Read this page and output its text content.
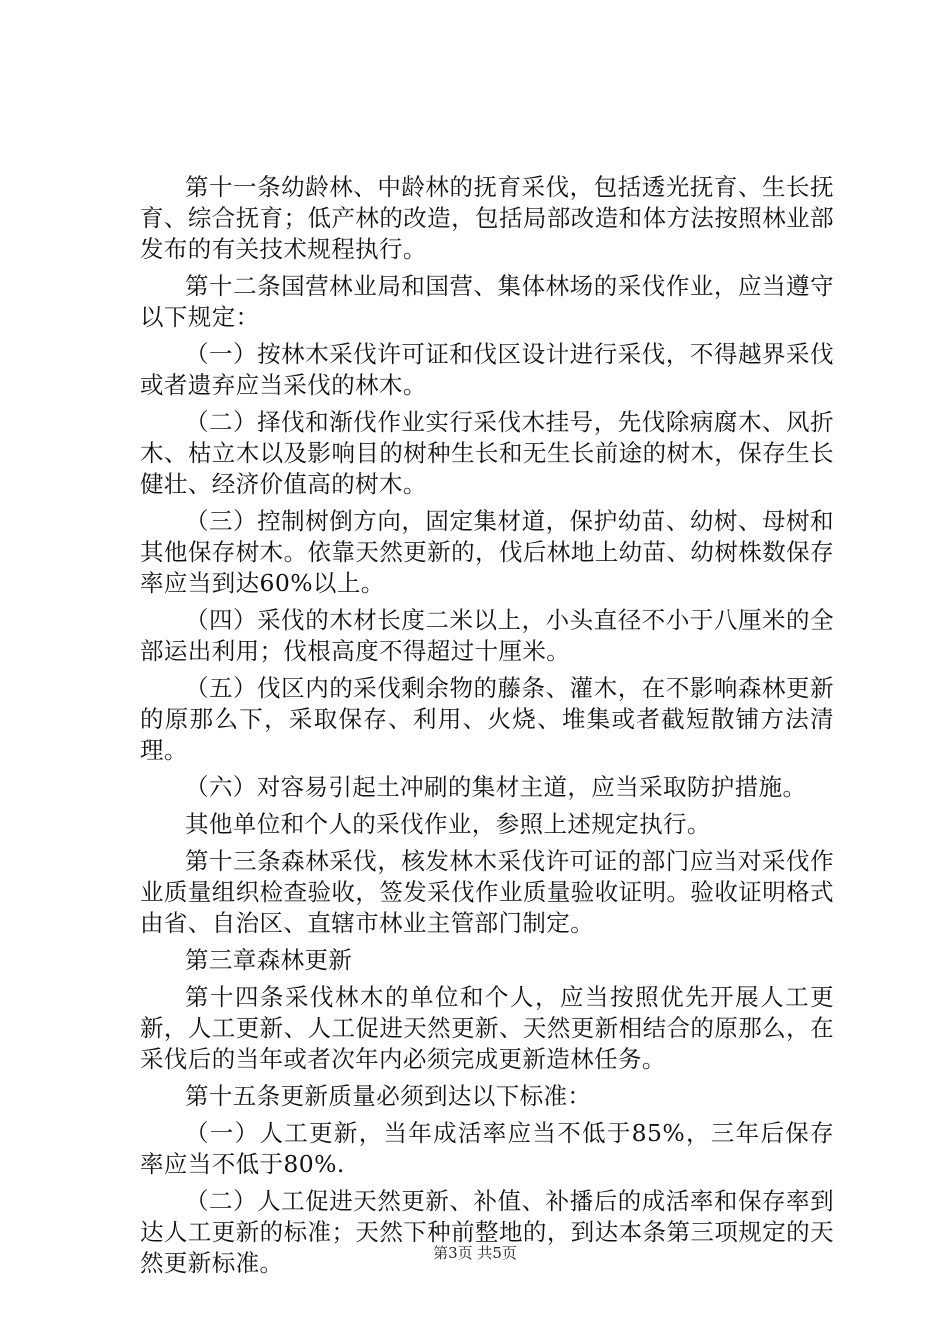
第十一条幼龄林、中龄林的抚育采伐，包括透光抚育、生长抚育、综合抚育；低产林的改造，包括局部改造和体方法按照林业部发布的有关技术规程执行。

第十二条国营林业局和国营、集体林场的采伐作业，应当遵守以下规定：

（一）按林木采伐许可证和伐区设计进行采伐，不得越界采伐或者遗弃应当采伐的林木。

（二）择伐和渐伐作业实行采伐木挂号，先伐除病腐木、风折木、枯立木以及影响目的树种生长和无生长前途的树木，保存生长健壮、经济价值高的树木。

（三）控制树倒方向，固定集材道，保护幼苗、幼树、母树和其他保存树木。依靠天然更新的，伐后林地上幼苗、幼树株数保存率应当到达60%以上。

（四）采伐的木材长度二米以上，小头直径不小于八厘米的全部运出利用；伐根高度不得超过十厘米。

（五）伐区内的采伐剩余物的藤条、灌木，在不影响森林更新的原那么下，采取保存、利用、火烧、堆集或者截短散铺方法清理。

（六）对容易引起土冲刷的集材主道，应当采取防护措施。

其他单位和个人的采伐作业，参照上述规定执行。

第十三条森林采伐，核发林木采伐许可证的部门应当对采伐作业质量组织检查验收，签发采伐作业质量验收证明。验收证明格式由省、自治区、直辖市林业主管部门制定。

第三章森林更新

第十四条采伐林木的单位和个人，应当按照优先开展人工更新，人工更新、人工促进天然更新、天然更新相结合的原那么，在采伐后的当年或者次年内必须完成更新造林任务。

第十五条更新质量必须到达以下标准：

（一）人工更新，当年成活率应当不低于85%，三年后保存率应当不低于80%.

（二）人工促进天然更新、补值、补播后的成活率和保存率到达人工更新的标准；天然下种前整地的，到达本条第三项规定的天然更新标准。	第3页 共5页
